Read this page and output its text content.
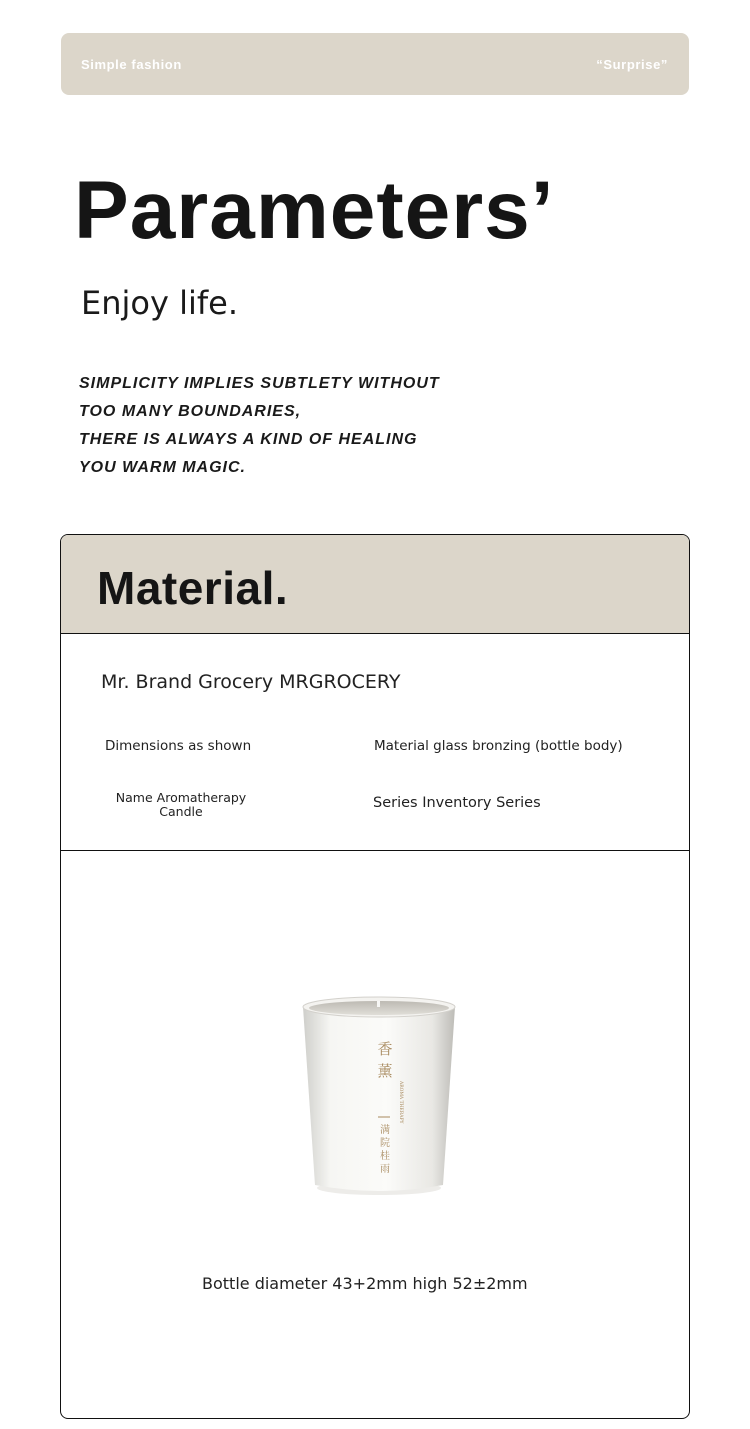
Simple fashion	“Surprise”
Parameters’
Enjoy life.
SIMPLICITY IMPLIES SUBTLETY WITHOUT
TOO MANY BOUNDARIES,
THERE IS ALWAYS A KIND OF HEALING
YOU WARM MAGIC.
Material.
Mr. Brand Grocery MRGROCERY
Dimensions as shown	Material glass bronzing (bottle body)
Name Aromatherapy Candle
Series Inventory Series
香
薰
AROMA THERAPY
满
院
桂
雨
Bottle diameter 43+2mm high 52±2mm
